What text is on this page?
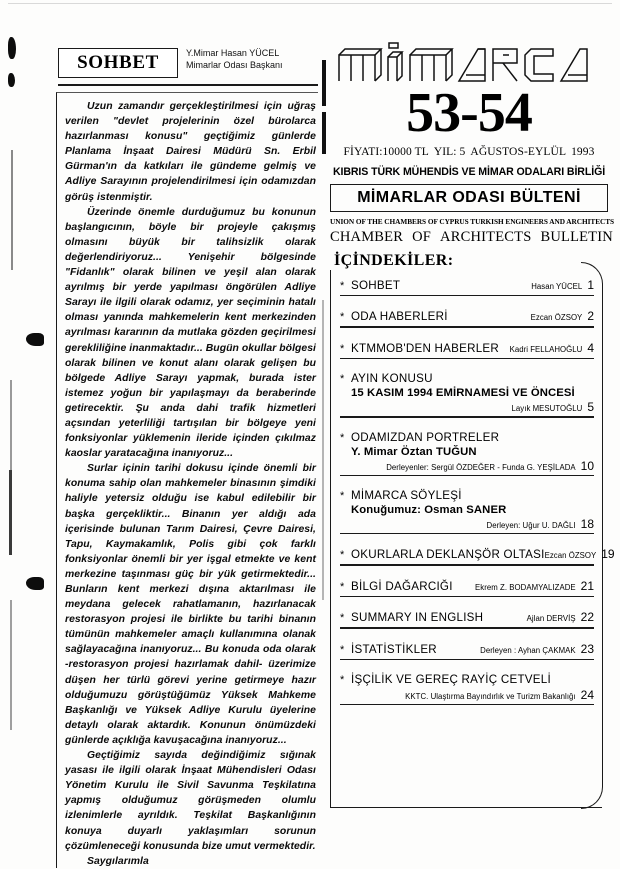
SOHBET	Y.Mimar Hasan YÜCEL
Mimarlar Odası Başkanı

Uzun zamandır gerçekleştirilmesi için uğraş verilen "devlet projelerinin özel bürolarca hazırlanması konusu" geçtiğimiz günlerde Planlama İnşaat Dairesi Müdürü Sn. Erbil Gürman'ın da katkıları ile gündeme gelmiş ve Adliye Sarayının projelendirilmesi için odamızdan görüş istenmiştir.

Üzerinde önemle durduğumuz bu konunun başlangıcının, böyle bir projeyle çakışmış olmasını büyük bir talihsizlik olarak değerlendiriyoruz... Yenişehir bölgesinde "Fidanlık" olarak bilinen ve yeşil alan olarak ayrılmış bir yerde yapılması öngörülen Adliye Sarayı ile ilgili olarak odamız, yer seçiminin hatalı olması yanında mahkemelerin kent merkezinden ayrılması kararının da mutlaka gözden geçirilmesi gerekliliğine inanmaktadır... Bugün okullar bölgesi olarak bilinen ve konut alanı olarak gelişen bu bölgede Adliye Sarayı yapmak, burada ister istemez yoğun bir yapılaşmayı da beraberinde getirecektir. Şu anda dahi trafik hizmetleri açsından yeterliliği tartışılan bir bölgeye yeni fonksiyonlar yüklemenin ileride içinden çıkılmaz kaoslar yaratacağına inanıyoruz...

Surlar içinin tarihi dokusu içinde önemli bir konuma sahip olan mahkemeler binasının şimdiki haliyle yetersiz olduğu ise kabul edilebilir bir başka gerçekliktir... Binanın yer aldığı ada içerisinde bulunan Tarım Dairesi, Çevre Dairesi, Tapu, Kaymakamlık, Polis gibi çok farklı fonksiyonlar önemli bir yer işgal etmekte ve kent merkezine taşınması güç bir yük getirmektedir... Bunların kent merkezi dışına aktarılması ile meydana gelecek rahatlamanın, hazırlanacak restorasyon projesi ile birlikte bu tarihi binanın tümünün mahkemeler amaçlı kullanımına olanak sağlayacağına inanıyoruz... Bu konuda oda olarak -restorasyon projesi hazırlamak dahil- üzerimize düşen her türlü görevi yerine getirmeye hazır olduğumuzu görüştüğümüz Yüksek Mahkeme Başkanlığı ve Yüksek Adliye Kurulu üyelerine detaylı olarak aktardık. Konunun önümüzdeki günlerde açıklığa kavuşacağına inanıyoruz...

Geçtiğimiz sayıda değindiğimiz sığınak yasası ile ilgili olarak İnşaat Mühendisleri Odası Yönetim Kurulu ile Sivil Savunma Teşkilatına yapmış olduğumuz görüşmeden olumlu izlenimlerle ayrıldık. Teşkilat Başkanlığının konuya duyarlı yaklaşımları sorunun çözümleneceği konusunda bize umut vermektedir.

Saygılarımla

53-54
FİYATI:10000 TL YIL: 5 AĞUSTOS-EYLÜL 1993
KIBRIS TÜRK MÜHENDİS VE MİMAR ODALARI BİRLİĞİ
MİMARLAR ODASI BÜLTENİ
UNION OF THE CHAMBERS OF CYPRUS TURKISH ENGINEERS AND ARCHITECTS
CHAMBER OF ARCHITECTS BULLETIN
İÇİNDEKİLER:
* SOHBET	Hasan YÜCEL 1
* ODA HABERLERİ	Ezcan ÖZSOY 2
* KTMMOB'DEN HABERLER Kadri FELLAHOĞLU 4
* AYIN KONUSU
15 KASIM 1994 EMİRNAMESİ VE ÖNCESİ
Layık MESUTOĞLU 5
* ODAMIZDAN PORTRELER
Y. Mimar Öztan TUĞUN
Derleyenler: Sergül ÖZDEĞER - Funda G. YEŞİLADA 10
* MİMARCA SÖYLEŞİ
Konuğumuz: Osman SANER
Derleyen: Uğur U. DAĞLI 18
* OKURLARLA DEKLANŞÖR OLTASI Ezcan ÖZSOY 19
* BİLGİ DAĞARCIĞI	Ekrem Z. BODAMYALIZADE 21
* SUMMARY IN ENGLISH	Ajlan DERVİŞ 22
* İSTATİSTİKLER	Derleyen : Ayhan ÇAKMAK 23
* İŞÇİLİK VE GEREÇ RAYİÇ CETVELİ
KKTC. Ulaştırma Bayındırlık ve Turizm Bakanlığı 24
